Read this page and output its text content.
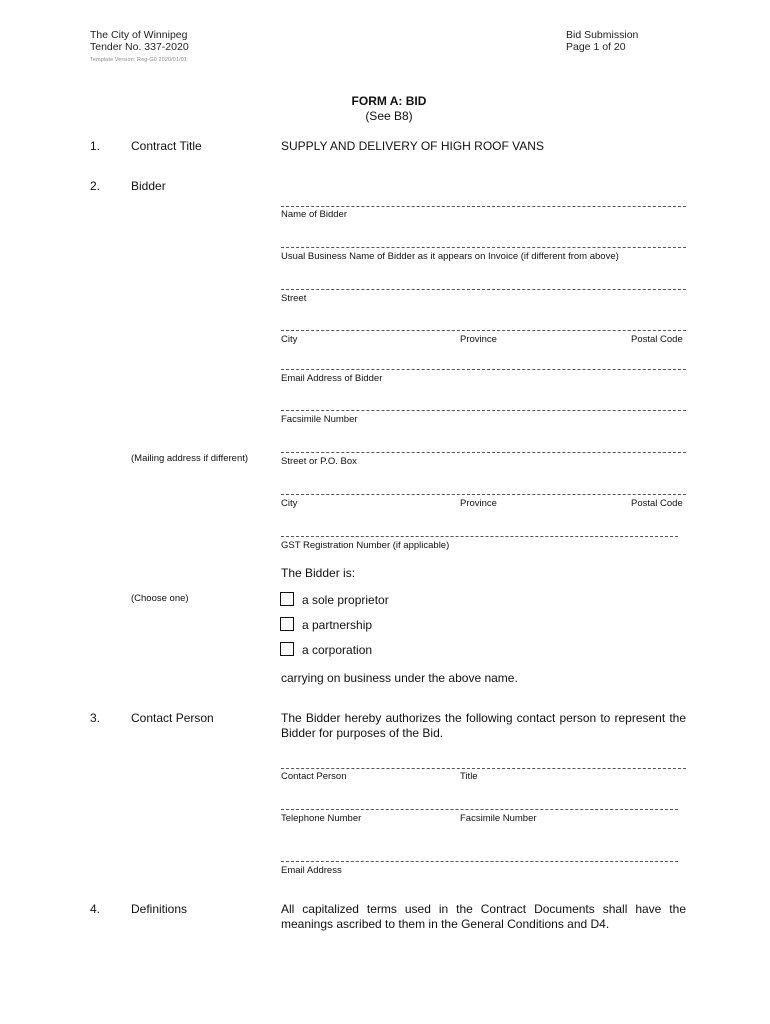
The City of Winnipeg
Tender No. 337-2020
Template Version: Reg-G0 2020/01/01
Bid Submission
Page 1 of 20
FORM A: BID
(See B8)
1.	Contract Title	SUPPLY AND DELIVERY OF HIGH ROOF VANS
2.	Bidder
Name of Bidder
Usual Business Name of Bidder as it appears on Invoice (if different from above)
Street
City	Province	Postal Code
Email Address of Bidder
Facsimile Number
(Mailing address if different)	Street or P.O. Box
City	Province	Postal Code
GST Registration Number (if applicable)
The Bidder is:
(Choose one)	a sole proprietor
a partnership
a corporation
carrying on business under the above name.
3.	Contact Person	The Bidder hereby authorizes the following contact person to represent the Bidder for purposes of the Bid.
Contact Person	Title
Telephone Number	Facsimile Number
Email Address
4.	Definitions	All capitalized terms used in the Contract Documents shall have the meanings ascribed to them in the General Conditions and D4.
